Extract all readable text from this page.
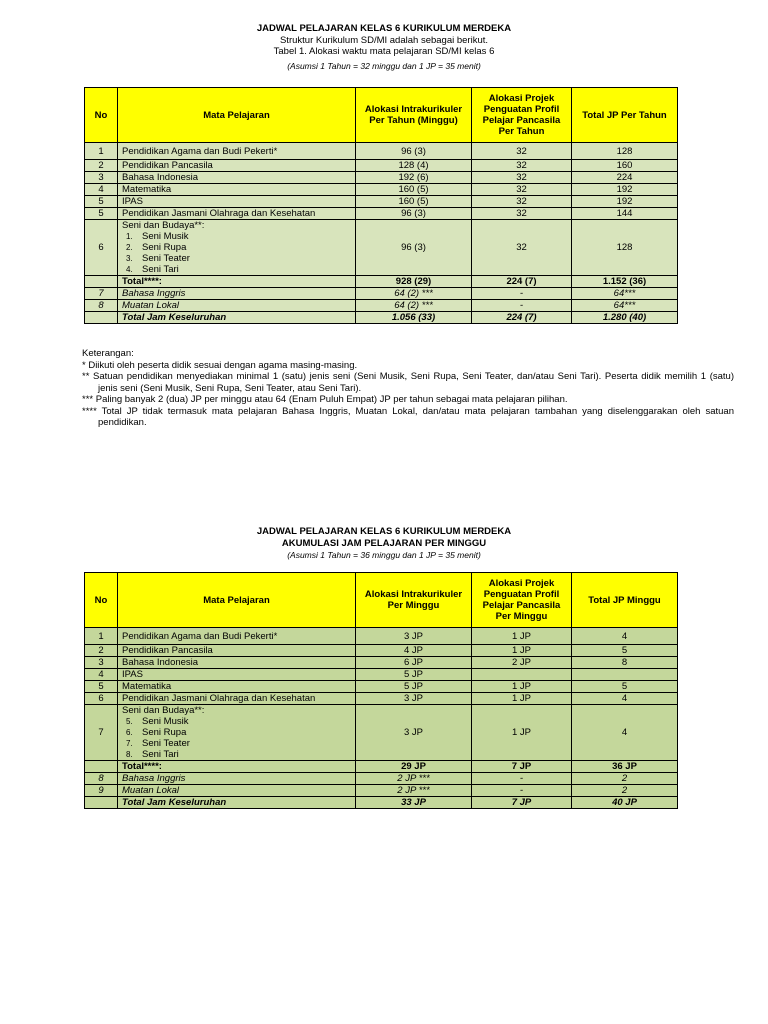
JADWAL PELAJARAN KELAS 6 KURIKULUM MERDEKA
Struktur Kurikulum SD/MI adalah sebagai berikut.
Tabel 1. Alokasi waktu mata pelajaran SD/MI kelas 6
(Asumsi 1 Tahun = 32 minggu dan 1 JP = 35 menit)
No	Mata Pelajaran	Alokasi Intrakurikuler Per Tahun (Minggu)	Alokasi Projek Penguatan Profil Pelajar Pancasila Per Tahun	Total JP Per Tahun
1	Pendidikan Agama dan Budi Pekerti*	96 (3)	32	128
2	Pendidikan Pancasila	128 (4)	32	160
3	Bahasa Indonesia	192 (6)	32	224
4	Matematika	160 (5)	32	192
5	IPAS	160 (5)	32	192
5	Pendidikan Jasmani Olahraga dan Kesehatan	96 (3)	32	144
6	Seni dan Budaya**:
1. Seni Musik
2. Seni Rupa
3. Seni Teater
4. Seni Tari	96 (3)	32	128
	Total****:	928 (29)	224 (7)	1.152 (36)
7	Bahasa Inggris	64 (2) ***	-	64***
8	Muatan Lokal	64 (2) ***	-	64***
	Total Jam Keseluruhan	1.056 (33)	224 (7)	1.280 (40)
Keterangan:
* Diikuti oleh peserta didik sesuai dengan agama masing-masing.
** Satuan pendidikan menyediakan minimal 1 (satu) jenis seni (Seni Musik, Seni Rupa, Seni Teater, dan/atau Seni Tari). Peserta didik memilih 1 (satu) jenis seni (Seni Musik, Seni Rupa, Seni Teater, atau Seni Tari).
*** Paling banyak 2 (dua) JP per minggu atau 64 (Enam Puluh Empat) JP per tahun sebagai mata pelajaran pilihan.
**** Total JP tidak termasuk mata pelajaran Bahasa Inggris, Muatan Lokal, dan/atau mata pelajaran tambahan yang diselenggarakan oleh satuan pendidikan.
JADWAL PELAJARAN KELAS 6 KURIKULUM MERDEKA
AKUMULASI JAM PELAJARAN PER MINGGU
(Asumsi 1 Tahun = 36 minggu dan 1 JP = 35 menit)
No	Mata Pelajaran	Alokasi Intrakurikuler Per Minggu	Alokasi Projek Penguatan Profil Pelajar Pancasila Per Minggu	Total JP Minggu
1	Pendidikan Agama dan Budi Pekerti*	3 JP	1 JP	4
2	Pendidikan Pancasila	4 JP	1 JP	5
3	Bahasa Indonesia	6 JP	2 JP	8
4	IPAS	5 JP		
5	Matematika	5 JP	1 JP	5
6	Pendidikan Jasmani Olahraga dan Kesehatan	3 JP	1 JP	4
7	Seni dan Budaya**:
5. Seni Musik
6. Seni Rupa
7. Seni Teater
8. Seni Tari	3 JP	1 JP	4
	Total****:	29 JP	7 JP	36 JP
8	Bahasa Inggris	2 JP ***	-	2
9	Muatan Lokal	2 JP ***	-	2
	Total Jam Keseluruhan	33 JP	7 JP	40 JP
